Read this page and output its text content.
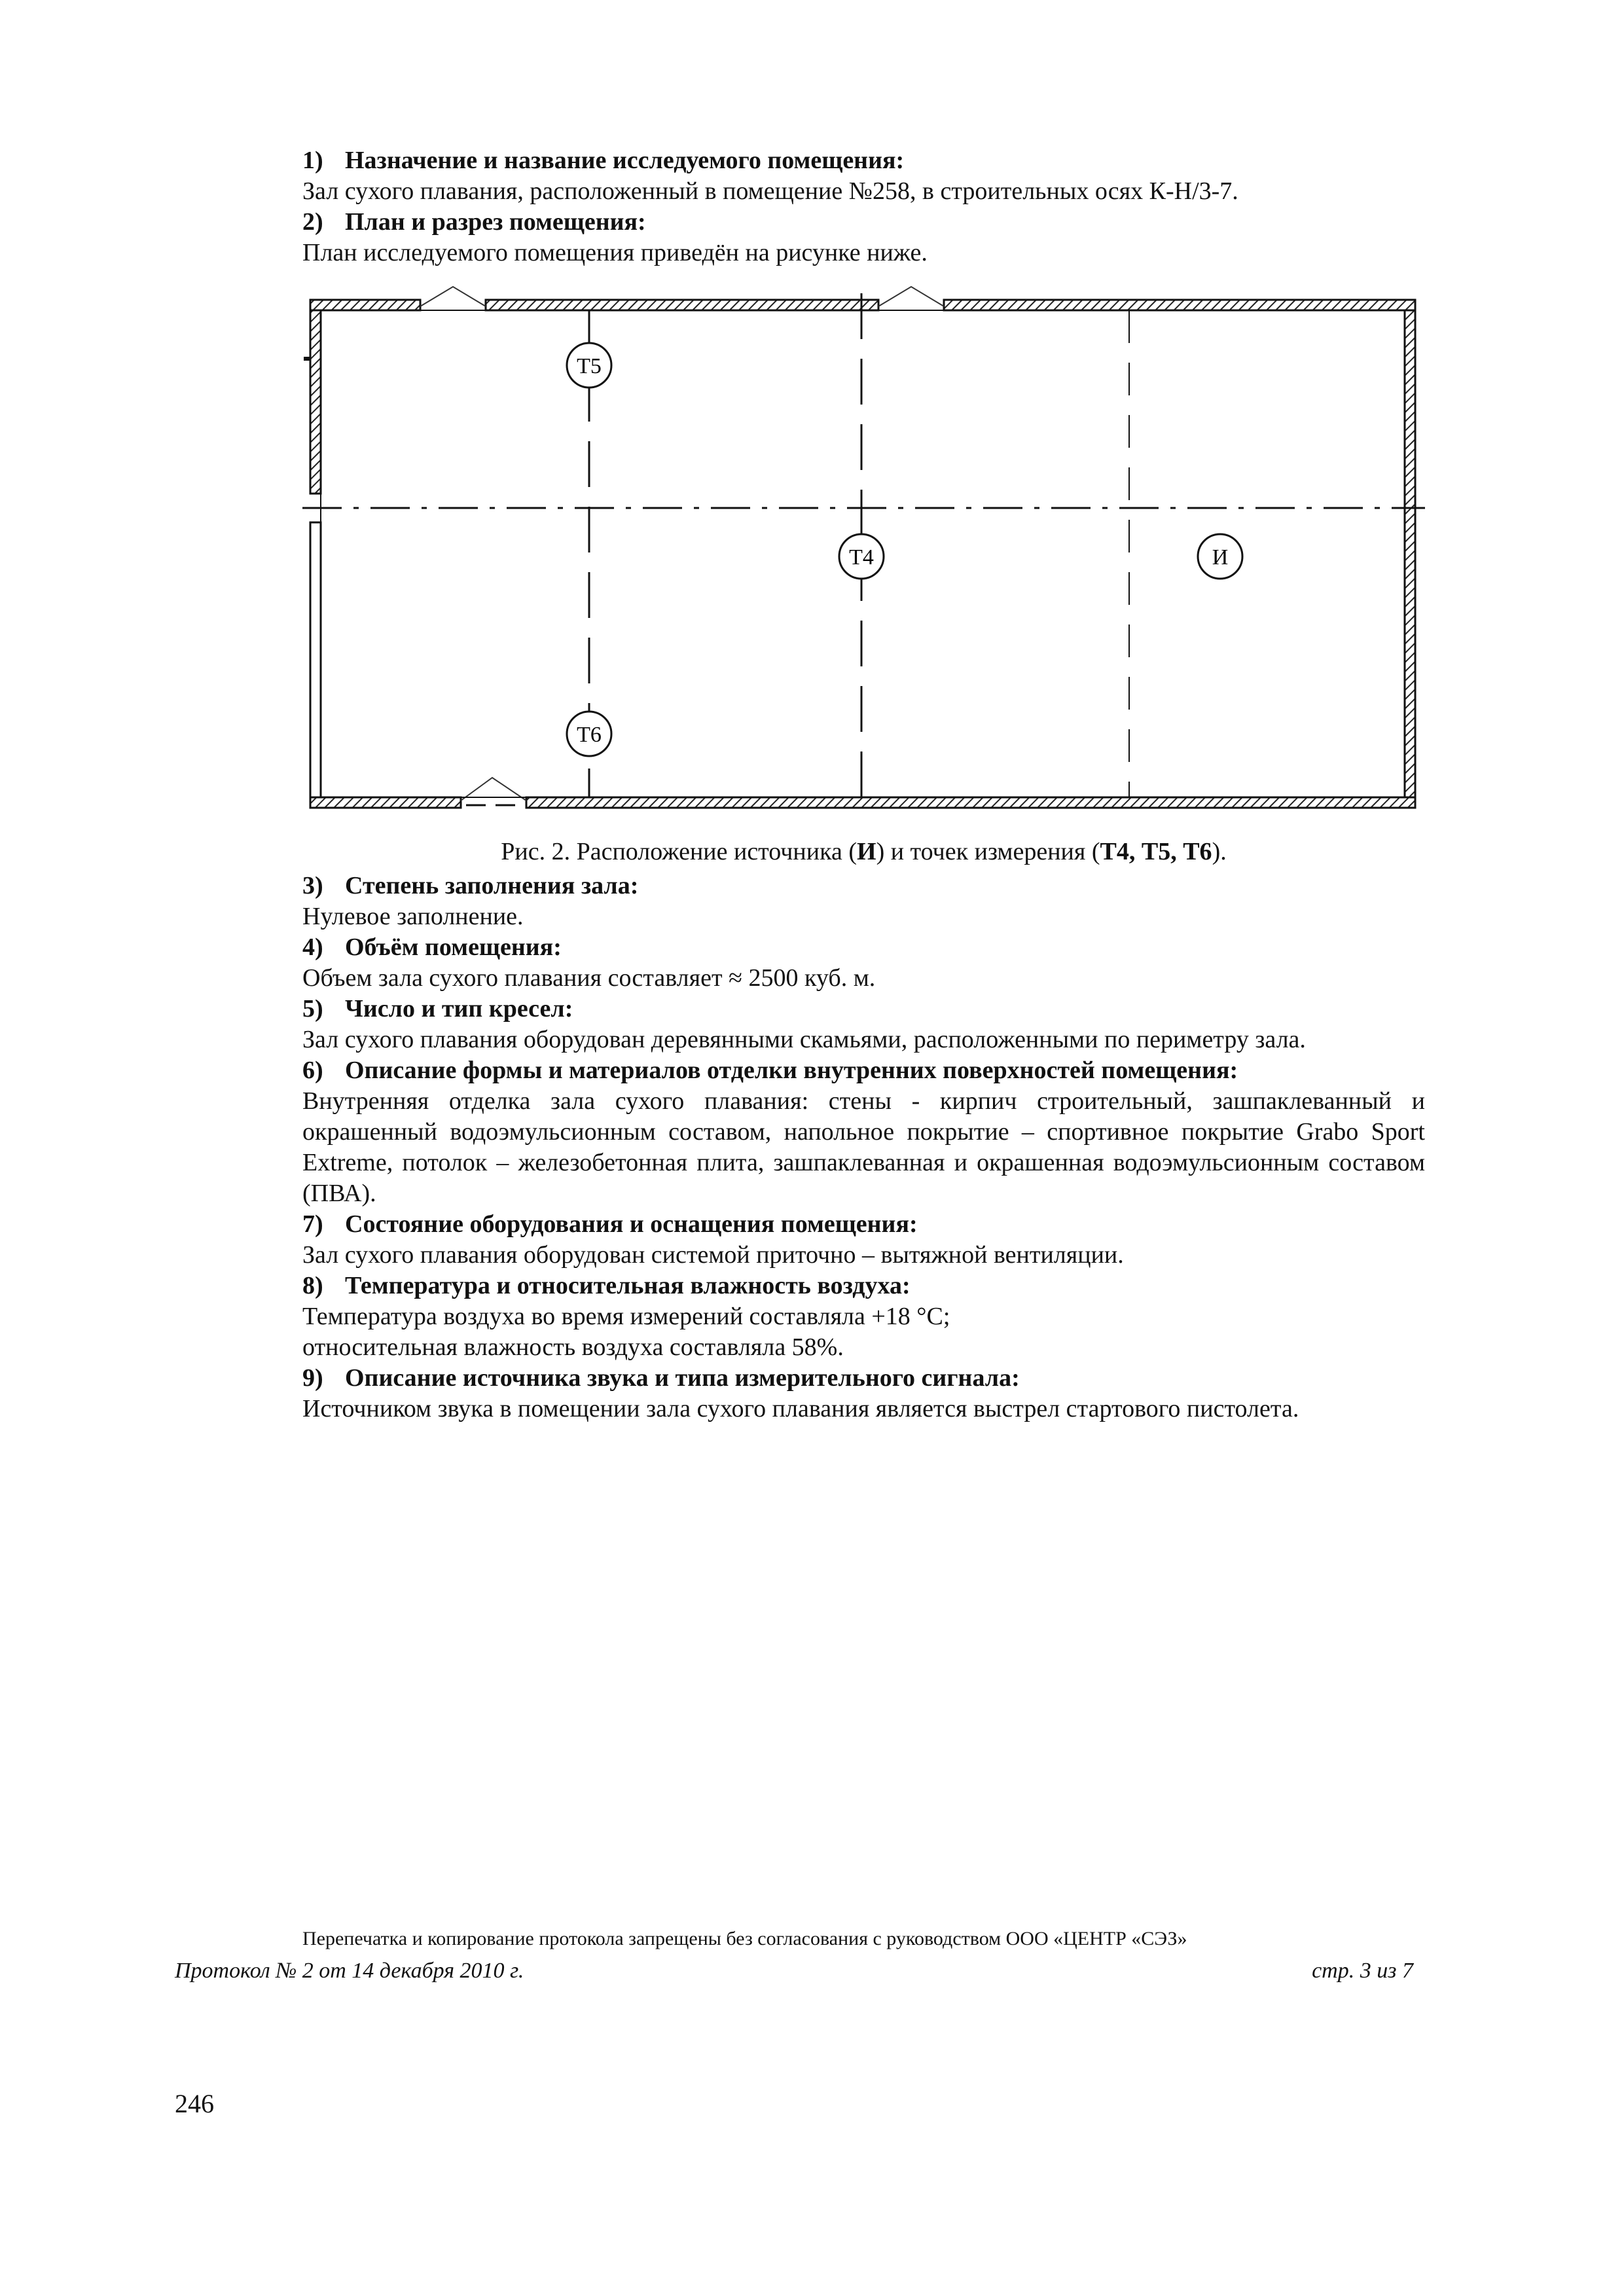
1) Назначение и название исследуемого помещения:
Зал сухого плавания, расположенный в помещение №258, в строительных осях К-Н/3-7.
2) План и разрез помещения:
План исследуемого помещения приведён на рисунке ниже.
Т5
Т4	И
Т6
Рис. 2. Расположение источника (И) и точек измерения (Т4, Т5, Т6).
3) Степень заполнения зала:
Нулевое заполнение.
4) Объём помещения:
Объем зала сухого плавания составляет ≈ 2500 куб. м.
5) Число и тип кресел:
Зал сухого плавания оборудован деревянными скамьями, расположенными по периметру зала.
6) Описание формы и материалов отделки внутренних поверхностей помещения:
Внутренняя отделка зала сухого плавания: стены - кирпич строительный, зашпаклеванный и окрашенный водоэмульсионным составом, напольное покрытие – спортивное покрытие Grabo Sport Extreme, потолок – железобетонная плита, зашпаклеванная и окрашенная водоэмульсионным составом (ПВА).
7) Состояние оборудования и оснащения помещения:
Зал сухого плавания оборудован системой приточно – вытяжной вентиляции.
8) Температура и относительная влажность воздуха:
Температура воздуха во время измерений составляла +18 °С;
относительная влажность воздуха составляла 58%.
9) Описание источника звука и типа измерительного сигнала:
Источником звука в помещении зала сухого плавания является выстрел стартового пистолета.
Перепечатка и копирование протокола запрещены без согласования с руководством ООО «ЦЕНТР «СЭЗ»
Протокол № 2 от 14 декабря 2010 г.	стр. 3 из 7
246
